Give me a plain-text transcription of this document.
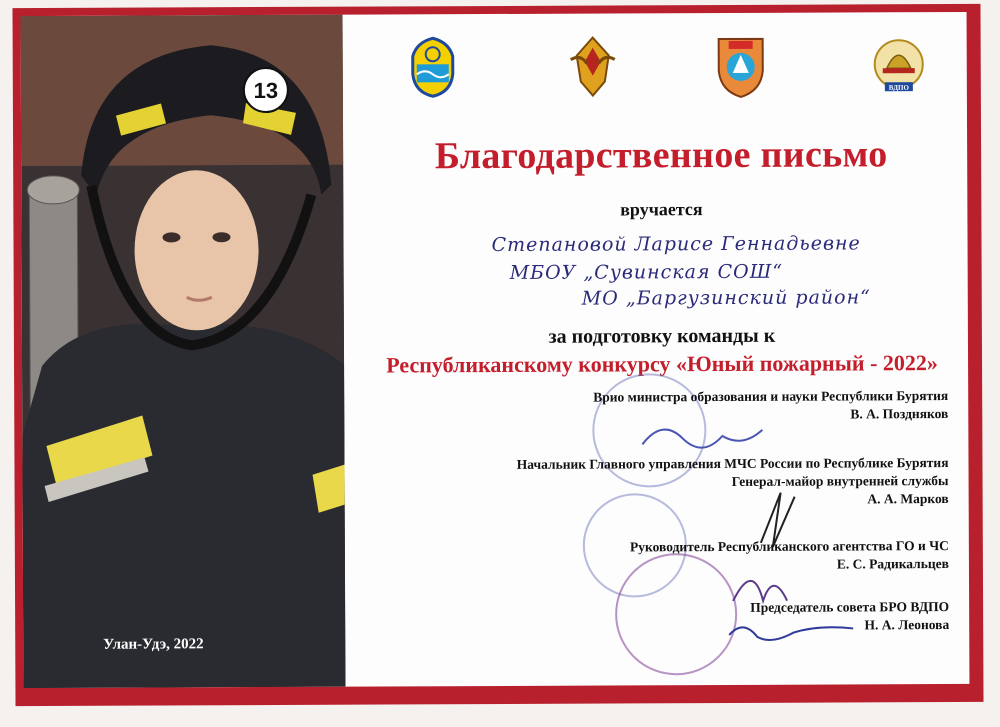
13
Улан-Удэ, 2022
ВДПО
Благодарственное письмо
вручается
Степановой Ларисе Геннадьевне
МБОУ „Сувинская СОШ“
МО „Баргузинский район“
за подготовку команды к
Республиканскому конкурсу «Юный пожарный - 2022»
Врио министра образования и науки Республики Бурятия
В. А. Поздняков
Начальник Главного управления МЧС России по Республике Бурятия
Генерал-майор внутренней службы
А. А. Марков
Руководитель Республиканского агентства ГО и ЧС
Е. С. Радикальцев
Председатель совета БРО ВДПО
Н. А. Леонова
